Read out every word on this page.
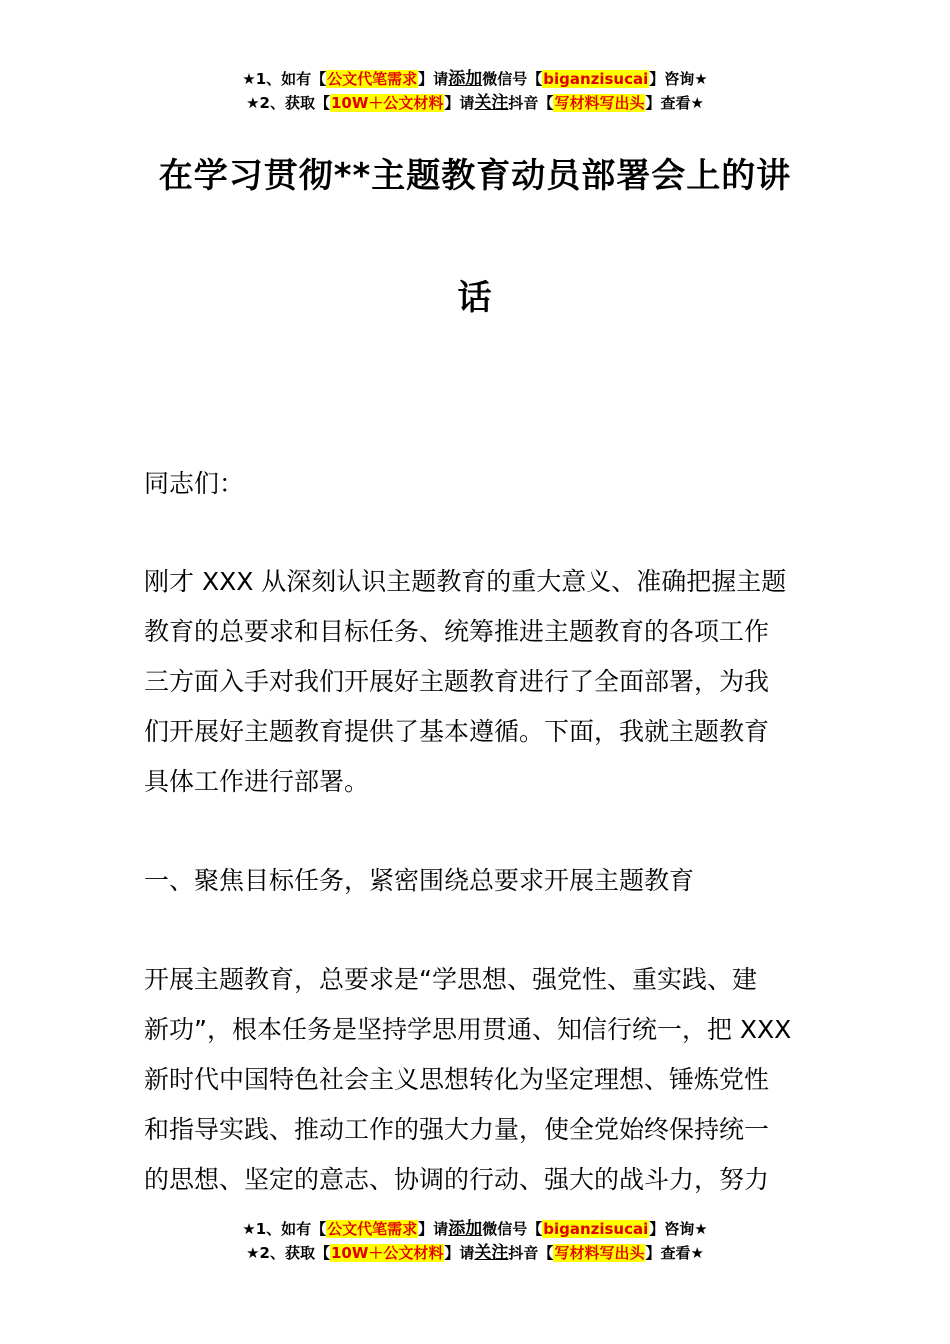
★1、如有【公文代笔需求】请添加微信号【biganzisucai】咨询★
★2、获取【10W＋公文材料】请关注抖音【写材料写出头】查看★
在学习贯彻**主题教育动员部署会上的讲
话
同志们：
刚才 XXX 从深刻认识主题教育的重大意义、准确把握主题
教育的总要求和目标任务、统筹推进主题教育的各项工作
三方面入手对我们开展好主题教育进行了全面部署，为我
们开展好主题教育提供了基本遵循。下面，我就主题教育
具体工作进行部署。
一、聚焦目标任务，紧密围绕总要求开展主题教育
开展主题教育，总要求是“学思想、强党性、重实践、建
新功”，根本任务是坚持学思用贯通、知信行统一，把 XXX
新时代中国特色社会主义思想转化为坚定理想、锤炼党性
和指导实践、推动工作的强大力量，使全党始终保持统一
的思想、坚定的意志、协调的行动、强大的战斗力，努力
★1、如有【公文代笔需求】请添加微信号【biganzisucai】咨询★
★2、获取【10W＋公文材料】请关注抖音【写材料写出头】查看★
